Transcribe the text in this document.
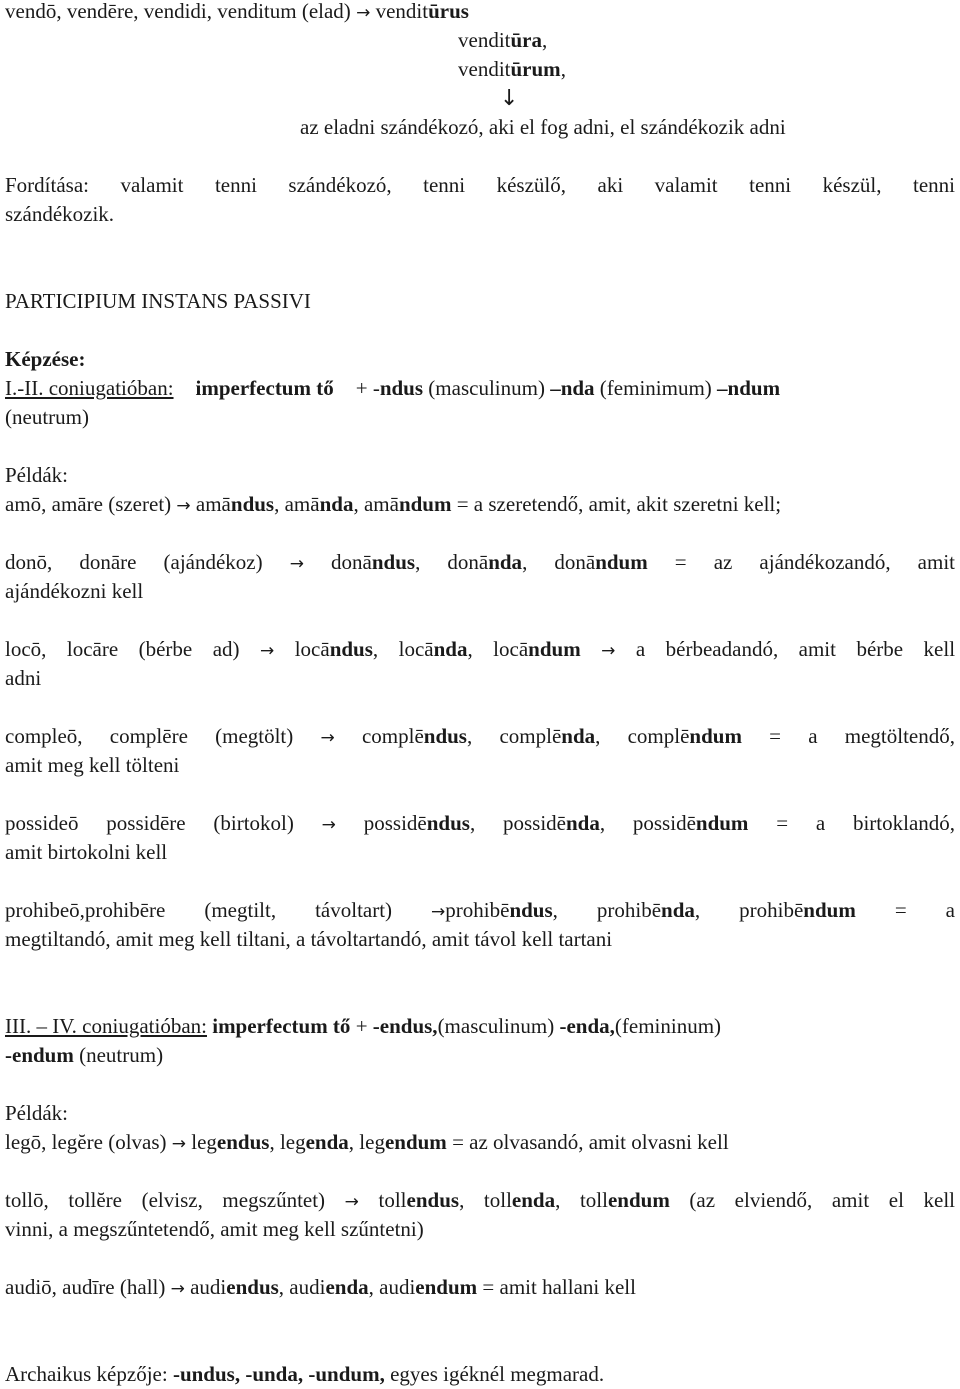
vendō, vendēre, vendidi, venditum (elad) → venditūrus
venditūra,
venditūrum,
↓
az eladni szándékozó, aki el fog adni, el szándékozik adni
Fordítása: valamit tenni szándékozó, tenni készülő, aki valamit tenni készül, tenni
szándékozik.
PARTICIPIUM INSTANS PASSIVI
Képzése:
I.-II. coniugatióban: imperfectum tő + -ndus (masculinum) –nda (feminimum) –ndum
(neutrum)
Példák:
amō, amāre (szeret) → amāndus, amānda, amāndum = a szeretendő, amit, akit szeretni kell;
donō, donāre (ajándékoz) → donāndus, donānda, donāndum = az ajándékozandó, amit
ajándékozni kell
locō, locāre (bérbe ad) → locāndus, locānda, locāndum → a bérbeadandó, amit bérbe kell
adni
compleō, complēre (megtölt) → complēndus, complēnda, complēndum = a megtöltendő,
amit meg kell tölteni
possideō possidēre (birtokol) → possidēndus, possidēnda, possidēndum = a birtoklandó,
amit birtokolni kell
prohibeō,prohibēre (megtilt, távoltart) →prohibēndus, prohibēnda, prohibēndum = a
megtiltandó, amit meg kell tiltani, a távoltartandó, amit távol kell tartani
III. – IV. coniugatióban: imperfectum tő + -endus,(masculinum) -enda,(femininum)
-endum (neutrum)
Példák:
legō, legĕre (olvas) → legendus, legenda, legendum = az olvasandó, amit olvasni kell
tollō, tollĕre (elvisz, megszűntet) → tollendus, tollenda, tollendum (az elviendő, amit el kell
vinni, a megszűntetendő, amit meg kell szűntetni)
audiō, audīre (hall) → audiendus, audienda, audiendum = amit hallani kell
Archaikus képzője: -undus, -unda, -undum, egyes igéknél megmarad.
